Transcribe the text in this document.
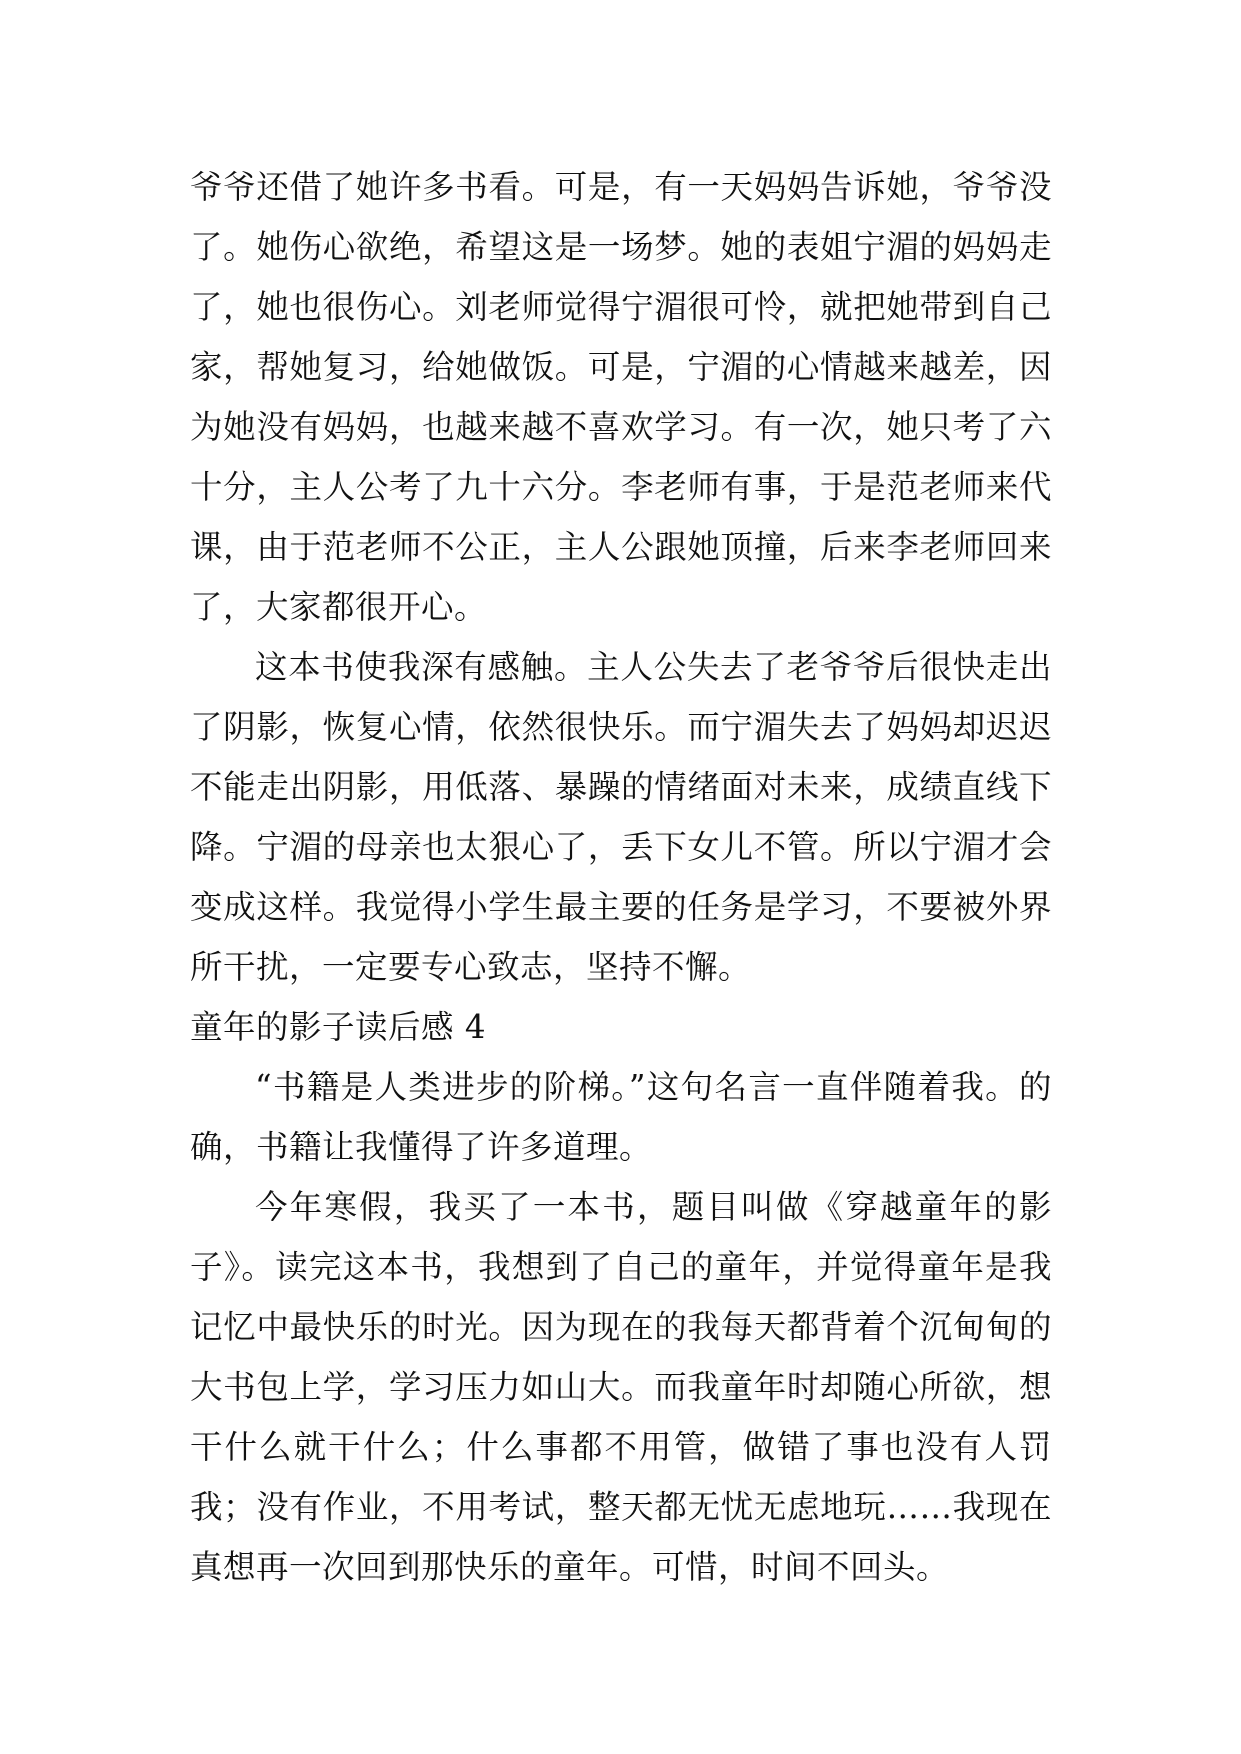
爷爷还借了她许多书看。可是，有一天妈妈告诉她，爷爷没了。她伤心欲绝，希望这是一场梦。她的表姐宁湄的妈妈走了，她也很伤心。刘老师觉得宁湄很可怜，就把她带到自己家，帮她复习，给她做饭。可是，宁湄的心情越来越差，因为她没有妈妈，也越来越不喜欢学习。有一次，她只考了六十分，主人公考了九十六分。李老师有事，于是范老师来代课，由于范老师不公正，主人公跟她顶撞，后来李老师回来了，大家都很开心。

这本书使我深有感触。主人公失去了老爷爷后很快走出了阴影，恢复心情，依然很快乐。而宁湄失去了妈妈却迟迟不能走出阴影，用低落、暴躁的情绪面对未来，成绩直线下降。宁湄的母亲也太狠心了，丢下女儿不管。所以宁湄才会变成这样。我觉得小学生最主要的任务是学习，不要被外界所干扰，一定要专心致志，坚持不懈。

童年的影子读后感 4

“书籍是人类进步的阶梯。”这句名言一直伴随着我。的确，书籍让我懂得了许多道理。

今年寒假，我买了一本书，题目叫做《穿越童年的影子》。读完这本书，我想到了自己的童年，并觉得童年是我记忆中最快乐的时光。因为现在的我每天都背着个沉甸甸的大书包上学，学习压力如山大。而我童年时却随心所欲，想干什么就干什么；什么事都不用管，做错了事也没有人罚我；没有作业，不用考试，整天都无忧无虑地玩……我现在真想再一次回到那快乐的童年。可惜，时间不回头。
